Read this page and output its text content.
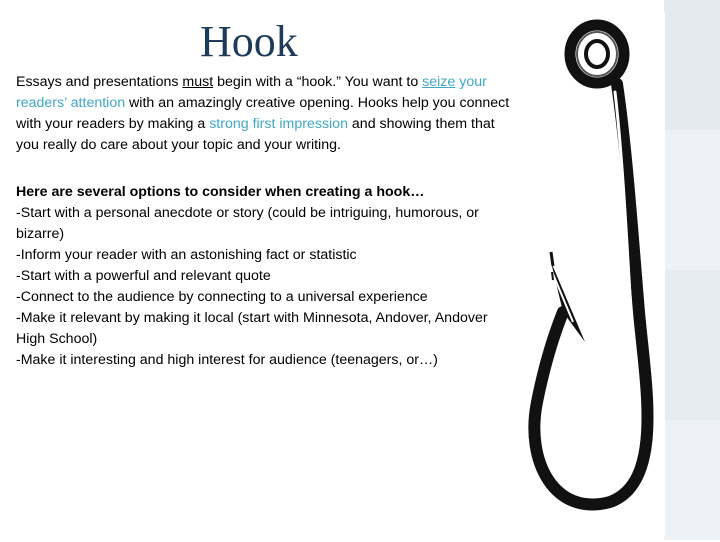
Hook
Essays and presentations must begin with a “hook.” You want to seize your readers’ attention with an amazingly creative opening. Hooks help you connect with your readers by making a strong first impression and showing them that you really do care about your topic and your writing.
Here are several options to consider when creating a hook…
-Start with a personal anecdote or story (could be intriguing, humorous, or bizarre)
-Inform your reader with an astonishing fact or statistic
-Start with a powerful and relevant quote
-Connect to the audience by connecting to a universal experience
-Make it relevant by making it local (start with Minnesota, Andover, Andover High School)
-Make it interesting and high interest for audience (teenagers, or…)
